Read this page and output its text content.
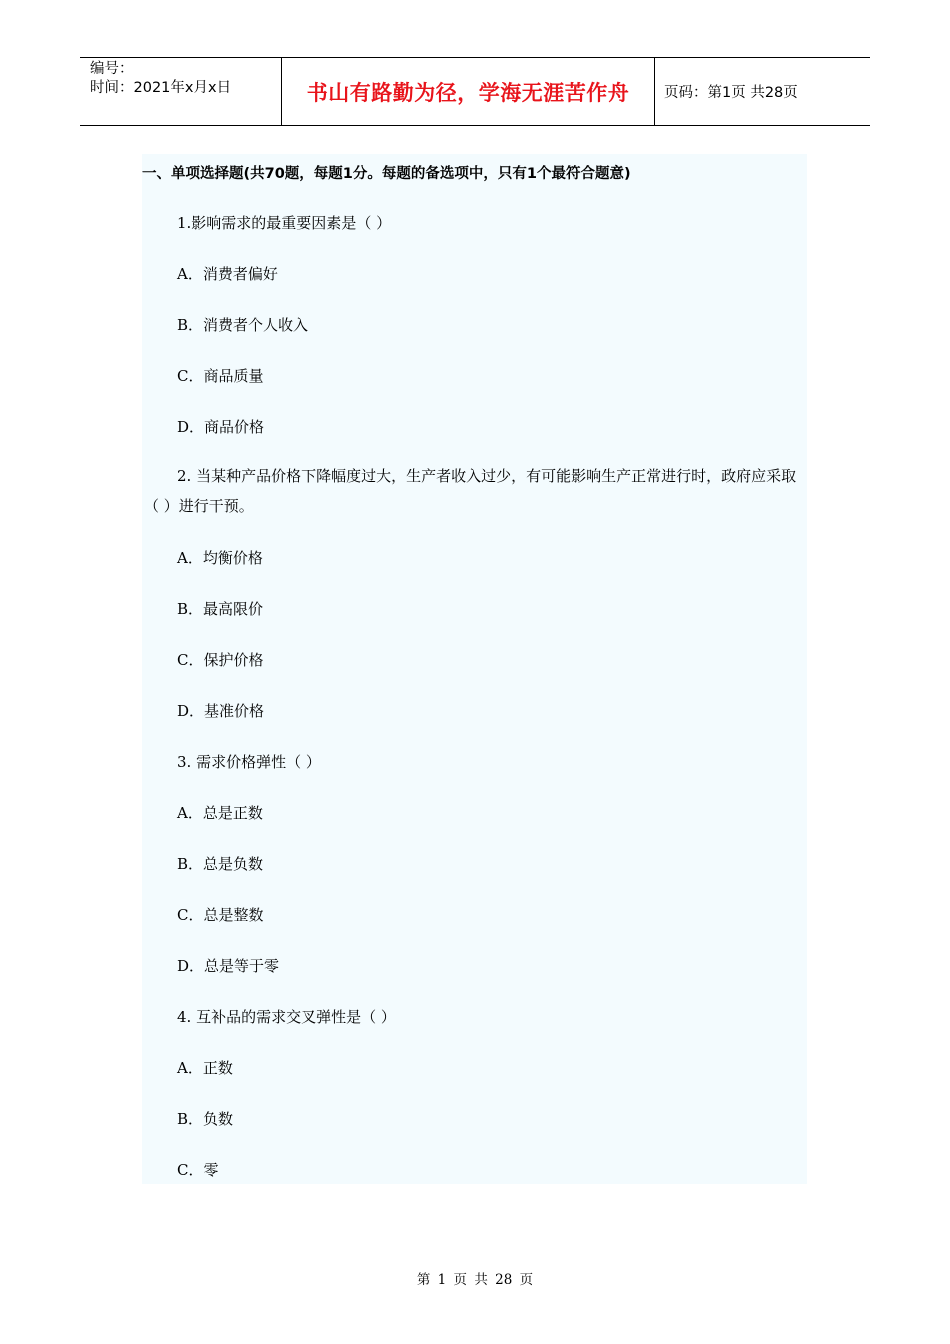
编号：
时间：2021年x月x日	书山有路勤为径，学海无涯苦作舟	页码：第1页 共28页
一、单项选择题(共70题，每题1分。每题的备选项中，只有1个最符合题意)
1.影响需求的最重要因素是（ ）
A．消费者偏好
B．消费者个人收入
C．商品质量
D．商品价格
2. 当某种产品价格下降幅度过大，生产者收入过少，有可能影响生产正常进行时，政府应采取（ ）进行干预。
A．均衡价格
B．最高限价
C．保护价格
D．基准价格
3. 需求价格弹性（ ）
A．总是正数
B．总是负数
C．总是整数
D．总是等于零
4. 互补品的需求交叉弹性是（ ）
A．正数
B．负数
C．零
第 1 页 共 28 页
